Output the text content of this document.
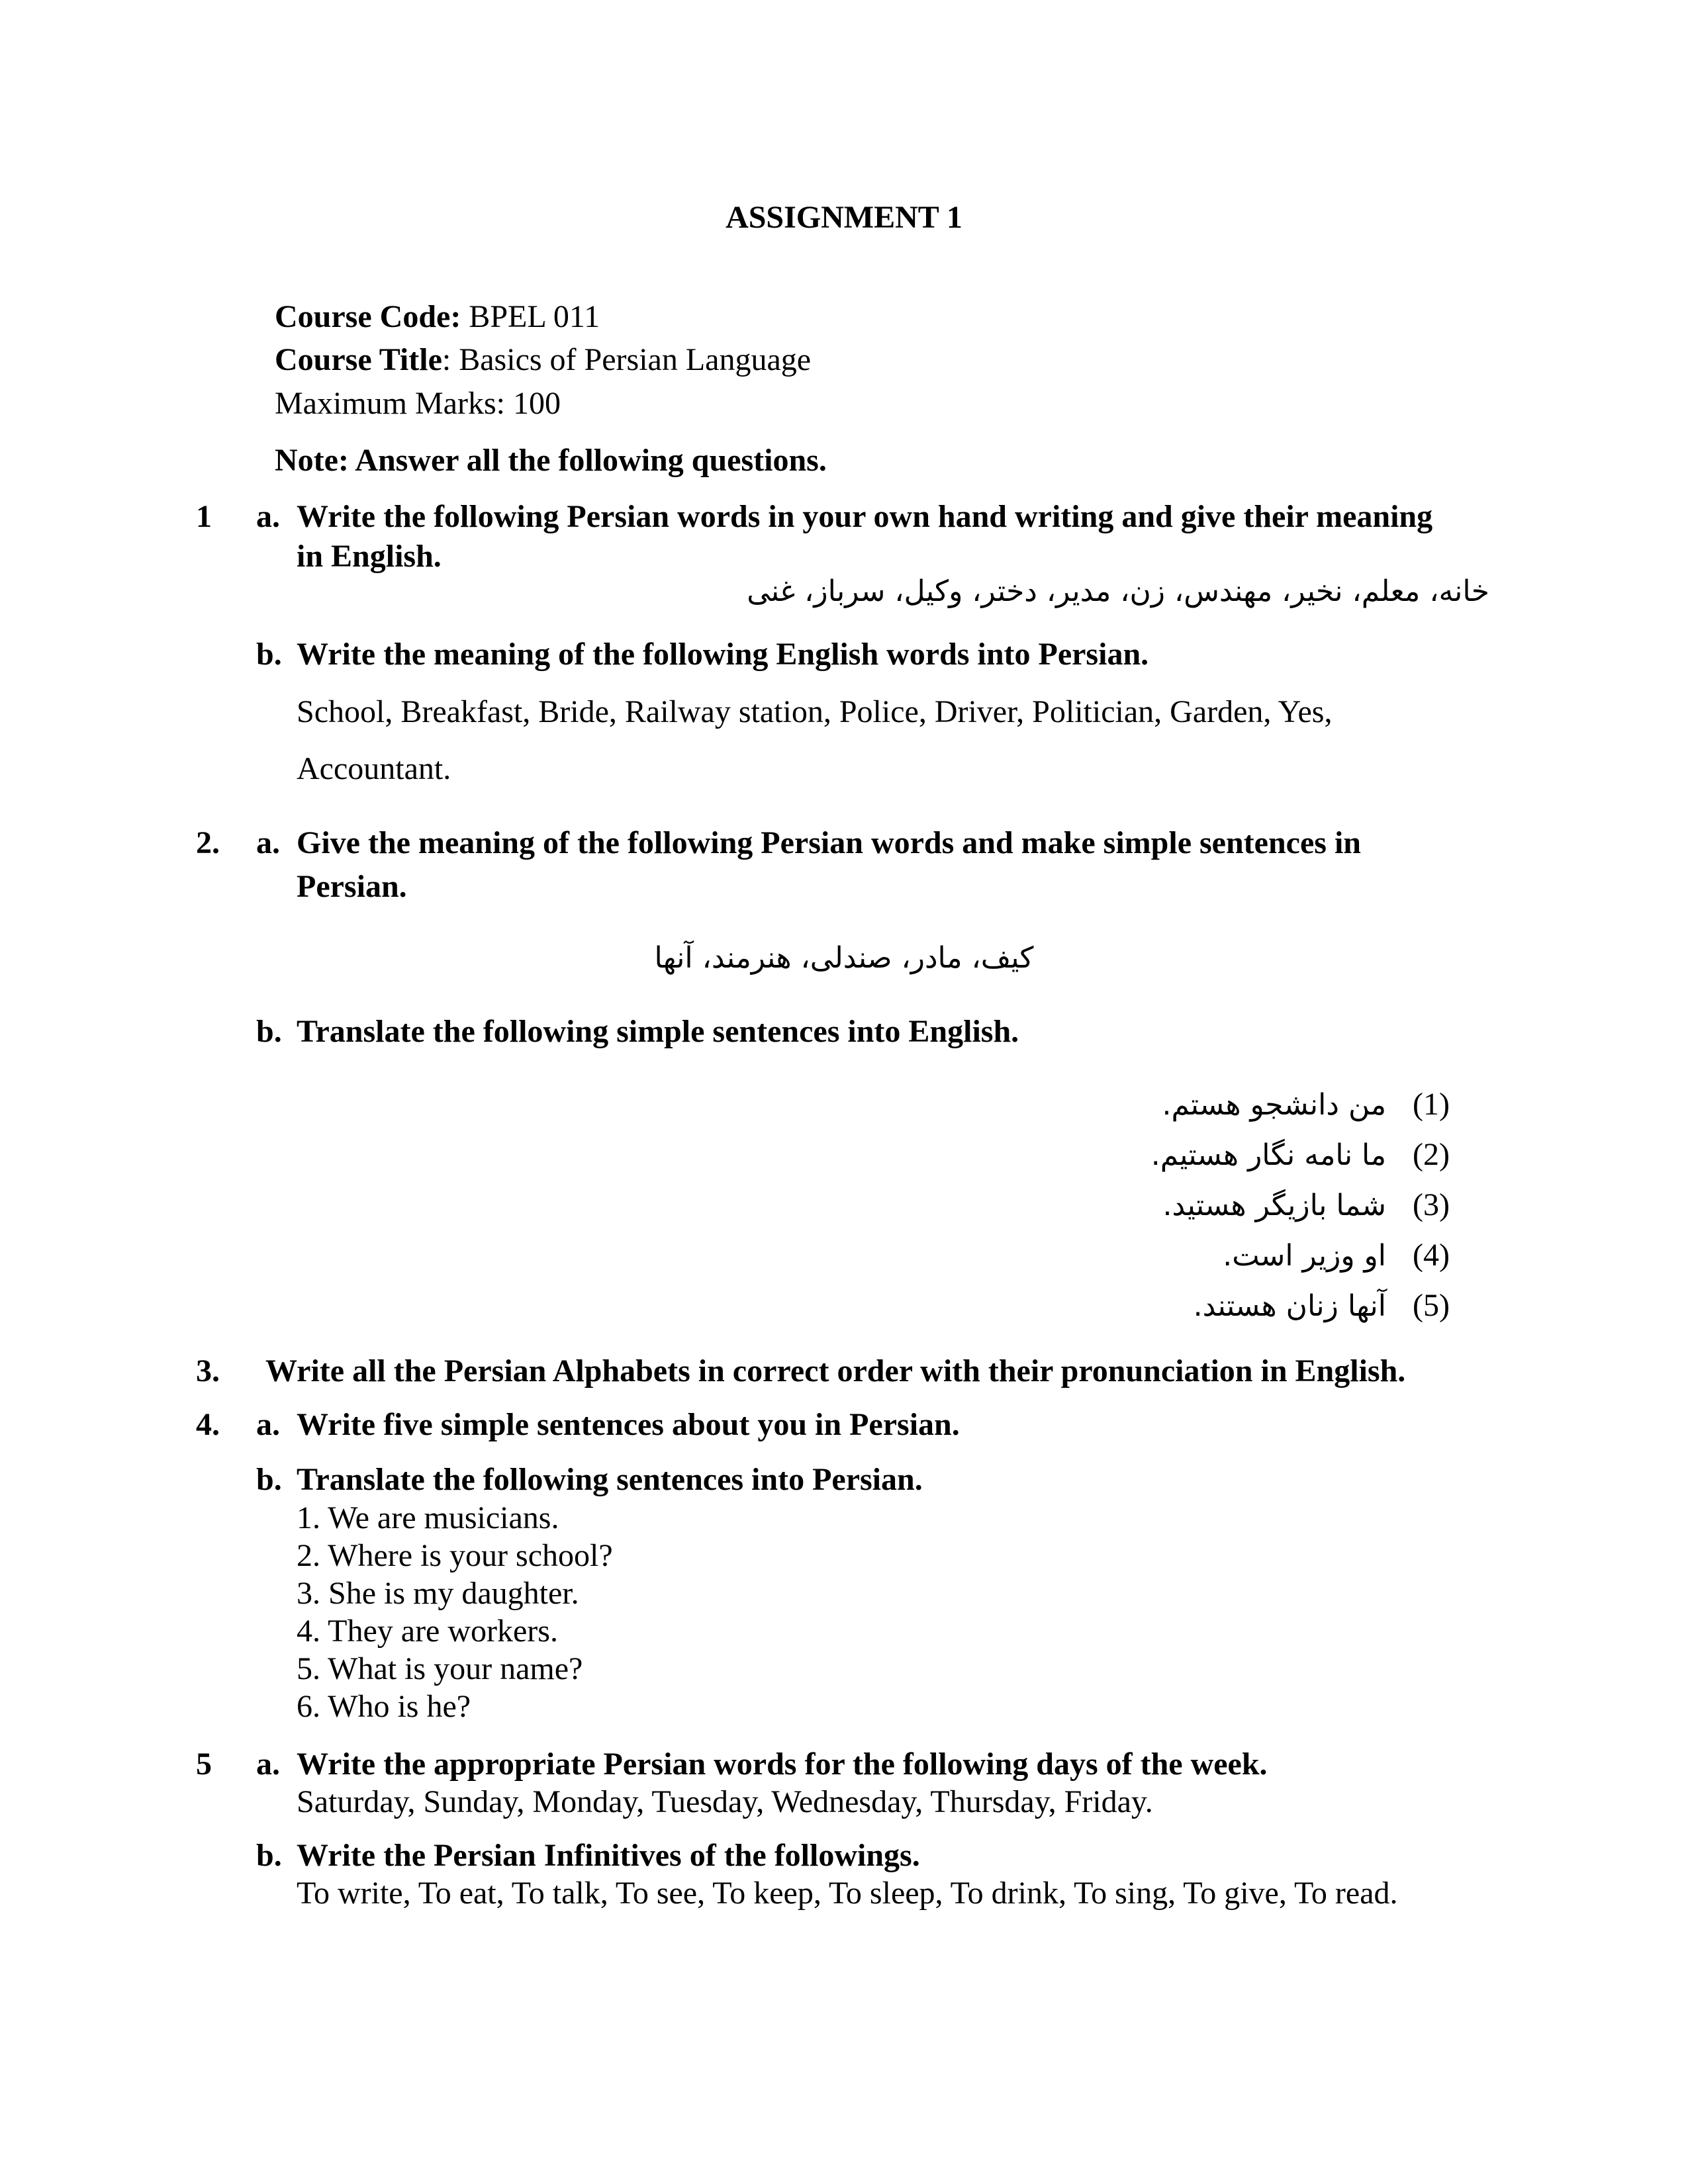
ASSIGNMENT 1
Course Code: BPEL 011
Course Title: Basics of Persian Language
Maximum Marks: 100
Note: Answer all the following questions.
1 a. Write the following Persian words in your own hand writing and give their meaning
in English.
خانه، معلم، نخیر، مهندس، زن، مدیر، دختر، وکیل، سرباز، غنی
b. Write the meaning of the following English words into Persian.
School, Breakfast, Bride, Railway station, Police, Driver, Politician, Garden, Yes,
Accountant.
2. a. Give the meaning of the following Persian words and make simple sentences in
Persian.
کیف، مادر، صندلی، هنرمند، آنها
b. Translate the following simple sentences into English.
من دانشجو هستم. (1)
ما نامه نگار هستیم. (2)
شما بازیگر هستید. (3)
او وزیر است. (4)
آنها زنان هستند. (5)
3. Write all the Persian Alphabets in correct order with their pronunciation in English.
4. a. Write five simple sentences about you in Persian.
b. Translate the following sentences into Persian.
1. We are musicians.
2. Where is your school?
3. She is my daughter.
4. They are workers.
5. What is your name?
6. Who is he?
5 a. Write the appropriate Persian words for the following days of the week.
Saturday, Sunday, Monday, Tuesday, Wednesday, Thursday, Friday.
b. Write the Persian Infinitives of the followings.
To write, To eat, To talk, To see, To keep, To sleep, To drink, To sing, To give, To read.
